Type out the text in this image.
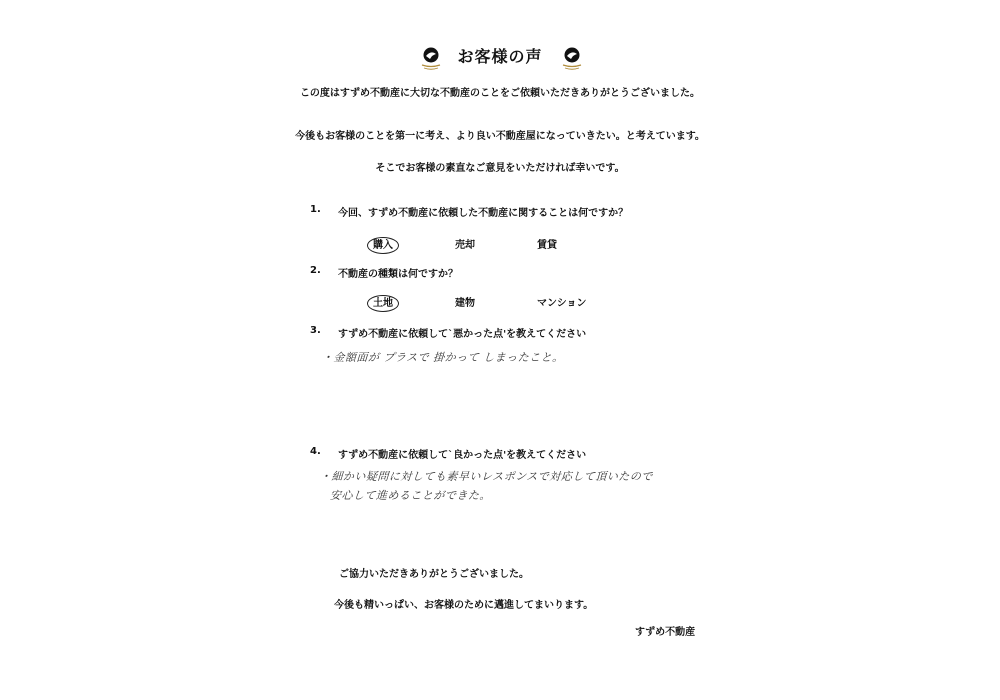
お客様の声
この度はすずめ不動産に大切な不動産のことをご依頼いただきありがとうございました。
今後もお客様のことを第一に考え、より良い不動産屋になっていきたい。と考えています。
そこでお客様の素直なご意見をいただければ幸いです。
1. 今回、すずめ不動産に依頼した不動産に関することは何ですか？
購入	売却	賃貸
2. 不動産の種類は何ですか？
土地	建物	マンション
3. すずめ不動産に依頼して`悪かった点'を教えてください
・金額面が プラスで 掛かって しまったこと。
4. すずめ不動産に依頼して`良かった点'を教えてください
・細かい疑問に対しても素早いレスポンスで対応して頂いたので
安心して進めることができた。
ご協力いただきありがとうございました。
今後も精いっぱい、お客様のために邁進してまいります。
すずめ不動産
